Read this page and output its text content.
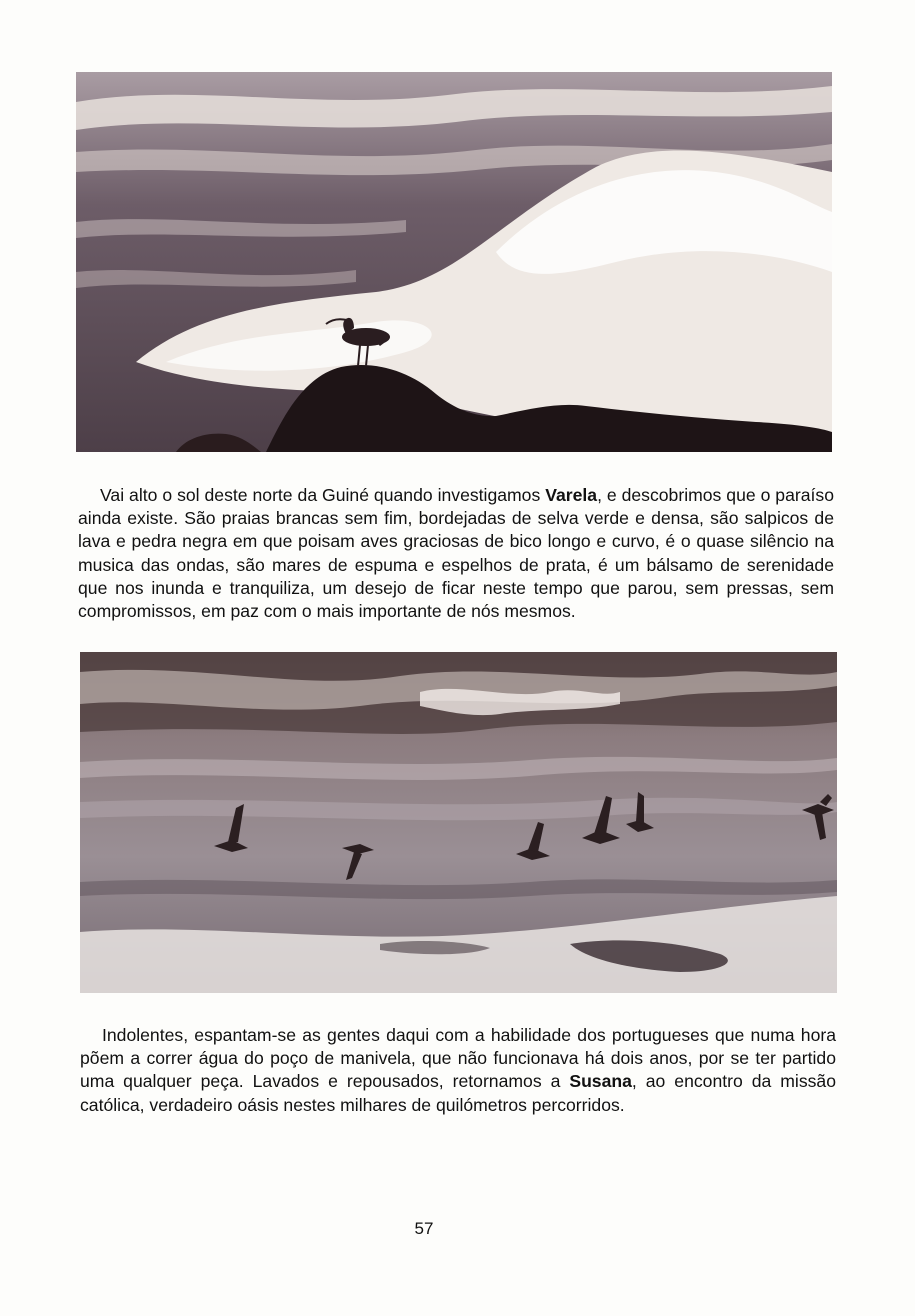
Vai alto o sol deste norte da Guiné quando investigamos Varela, e descobrimos que o paraíso ainda existe. São praias brancas sem fim, bordejadas de selva verde e densa, são salpicos de lava e pedra negra em que poisam aves graciosas de bico longo e curvo, é o quase silêncio na musica das ondas, são mares de espuma e espelhos de prata, é um bálsamo de serenidade que nos inunda e tranquiliza, um desejo de ficar neste tempo que parou, sem pressas, sem compromissos, em paz com o mais importante de nós mesmos.

Indolentes, espantam-se as gentes daqui com a habilidade dos portugueses que numa hora põem a correr água do poço de manivela, que não funcionava há dois anos, por se ter partido uma qualquer peça. Lavados e repousados, retornamos a Susana, ao encontro da missão católica, verdadeiro oásis nestes milhares de quilómetros percorridos.

57
